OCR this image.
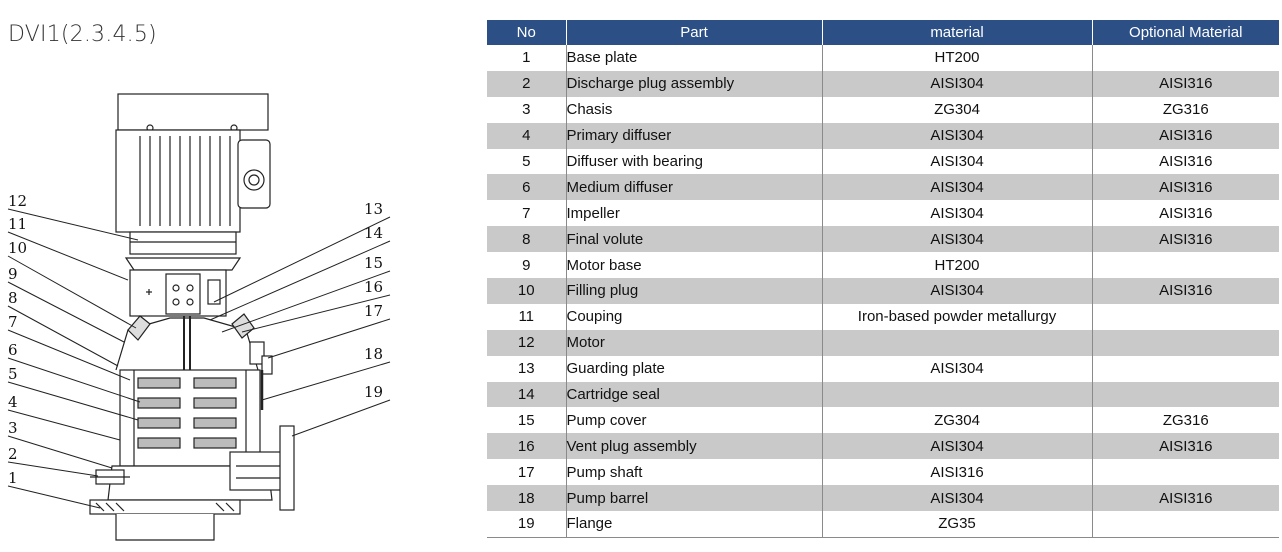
DVI1(2.3.4.5)
12
11
10
9
8
7
6
5
4
3
2
1
13
14
15
16
17
18
19
No	Part	material	Optional Material
1	Base plate	HT200	
2	Discharge plug assembly	AISI304	AISI316
3	Chasis	ZG304	ZG316
4	Primary diffuser	AISI304	AISI316
5	Diffuser with bearing	AISI304	AISI316
6	Medium diffuser	AISI304	AISI316
7	Impeller	AISI304	AISI316
8	Final volute	AISI304	AISI316
9	Motor base	HT200	
10	Filling plug	AISI304	AISI316
11	Couping	Iron-based powder metallurgy	
12	Motor		
13	Guarding plate	AISI304	
14	Cartridge seal		
15	Pump cover	ZG304	ZG316
16	Vent plug assembly	AISI304	AISI316
17	Pump shaft	AISI316	
18	Pump barrel	AISI304	AISI316
19	Flange	ZG35	
